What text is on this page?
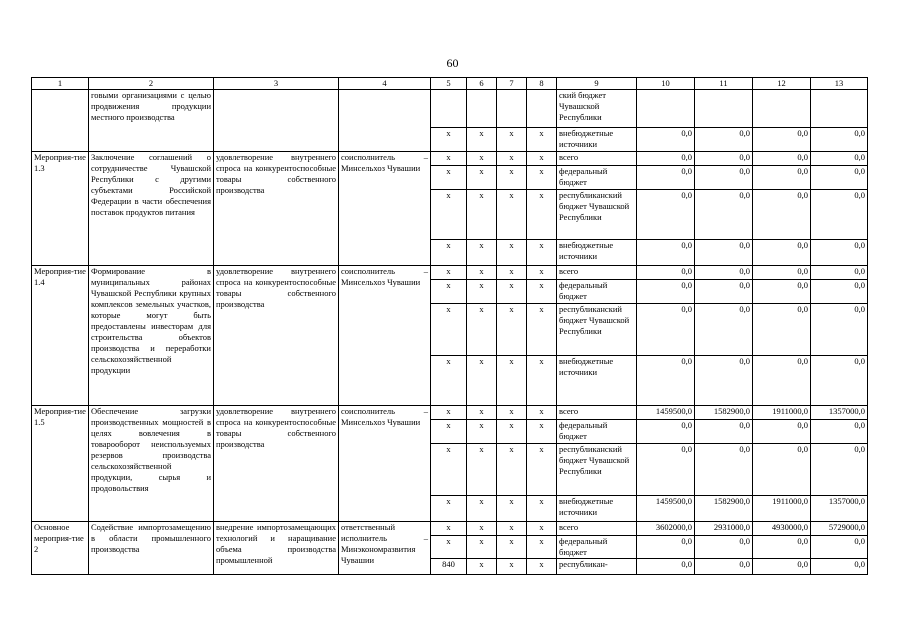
60
1	2	3	4	5	6	7	8	9	10	11	12	13
	говыми организациями с целью продвижения продукции местного производства							ский бюджет Чувашской Республики				
				х	х	х	х	внебюджетные источники	0,0	0,0	0,0	0,0
Мероприя-тие 1.3	Заключение соглашений о сотрудничестве Чувашской Республики с другими субъектами Российской Федерации в части обеспечения поставок продуктов питания	удовлетворение внутреннего спроса на конкурентоспособные товары собственного производства	соисполнитель – Минсельхоз Чувашии	х	х	х	х	всего	0,0	0,0	0,0	0,0
				х	х	х	х	федеральный бюджет	0,0	0,0	0,0	0,0
				х	х	х	х	республиканский бюджет Чувашской Республики	0,0	0,0	0,0	0,0
				х	х	х	х	внебюджетные источники	0,0	0,0	0,0	0,0
Мероприя-тие 1.4	Формирование в муниципальных районах Чувашской Республики крупных комплексов земельных участков, которые могут быть предоставлены инвесторам для строительства объектов производства и переработки сельскохозяйственной продукции	удовлетворение внутреннего спроса на конкурентоспособные товары собственного производства	соисполнитель – Минсельхоз Чувашии	х	х	х	х	всего	0,0	0,0	0,0	0,0
				х	х	х	х	федеральный бюджет	0,0	0,0	0,0	0,0
				х	х	х	х	республиканский бюджет Чувашской Республики	0,0	0,0	0,0	0,0
				х	х	х	х	внебюджетные источники	0,0	0,0	0,0	0,0
Мероприя-тие 1.5	Обеспечение загрузки производственных мощностей в целях вовлечения в товарооборот неиспользуемых резервов производства сельскохозяйственной продукции, сырья и продовольствия	удовлетворение внутреннего спроса на конкурентоспособные товары собственного производства	соисполнитель – Минсельхоз Чувашии	х	х	х	х	всего	1459500,0	1582900,0	1911000,0	1357000,0
				х	х	х	х	федеральный бюджет	0,0	0,0	0,0	0,0
				х	х	х	х	республиканский бюджет Чувашской Республики	0,0	0,0	0,0	0,0
				х	х	х	х	внебюджетные источники	1459500,0	1582900,0	1911000,0	1357000,0
Основное мероприя-тие 2	Содействие импортозамещению в области промышленного производства	внедрение импортозамещающих технологий и наращивание объема производства промышленной	ответственный исполнитель – Минэкономразвития Чувашии	х	х	х	х	всего	3602000,0	2931000,0	4930000,0	5729000,0
				х	х	х	х	федеральный бюджет	0,0	0,0	0,0	0,0
				840	х	х	х	республикан-	0,0	0,0	0,0	0,0
